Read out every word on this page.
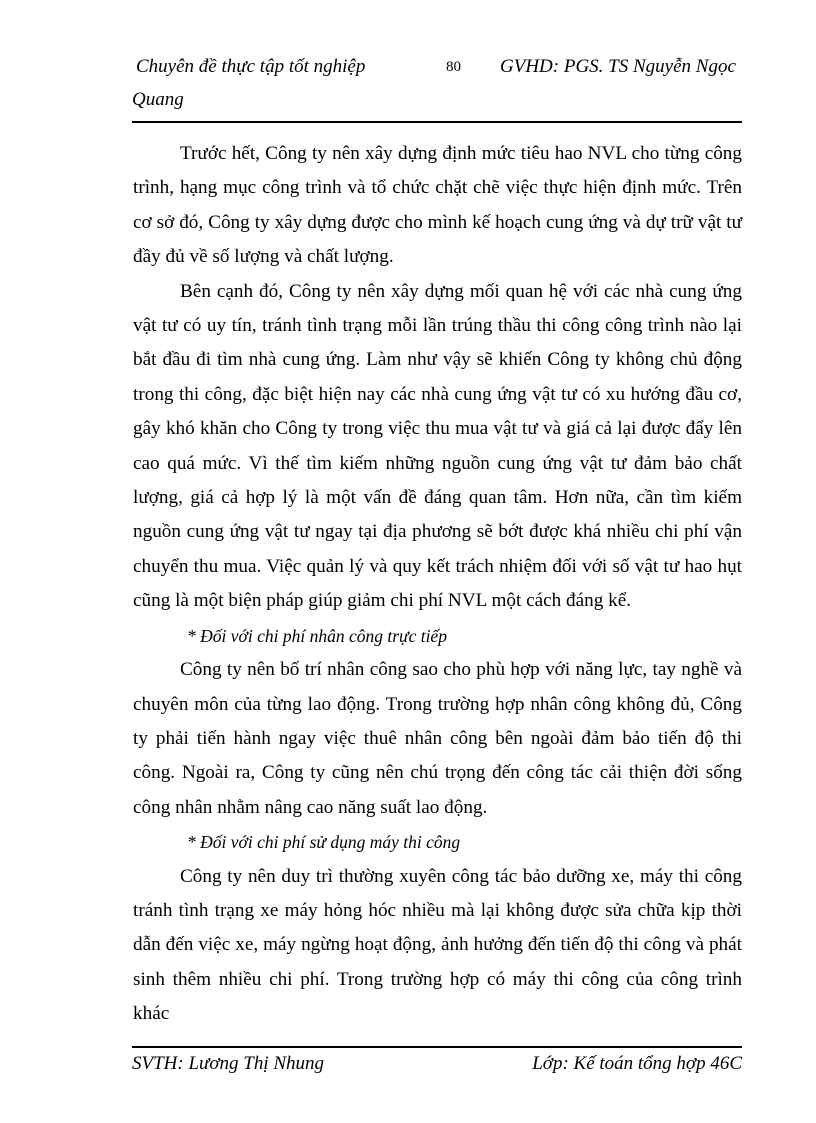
Chuyên đề thực tập tốt nghiệp	80 GVHD: PGS. TS Nguyễn Ngọc
Quang

Trước hết, Công ty nên xây dựng định mức tiêu hao NVL cho từng công trình, hạng mục công trình và tổ chức chặt chẽ việc thực hiện định mức. Trên cơ sở đó, Công ty xây dựng được cho mình kế hoạch cung ứng và dự trữ vật tư đầy đủ về số lượng và chất lượng.

Bên cạnh đó, Công ty nên xây dựng mối quan hệ với các nhà cung ứng vật tư có uy tín, tránh tình trạng mỗi lần trúng thầu thi công công trình nào lại bắt đầu đi tìm nhà cung ứng. Làm như vậy sẽ khiến Công ty không chủ động trong thi công, đặc biệt hiện nay các nhà cung ứng vật tư có xu hướng đầu cơ, gây khó khăn cho Công ty trong việc thu mua vật tư và giá cả lại được đẩy lên cao quá mức. Vì thế tìm kiếm những nguồn cung ứng vật tư đảm bảo chất lượng, giá cả hợp lý là một vấn đề đáng quan tâm. Hơn nữa, cần tìm kiếm nguồn cung ứng vật tư ngay tại địa phương sẽ bớt được khá nhiều chi phí vận chuyển thu mua. Việc quản lý và quy kết trách nhiệm đối với số vật tư hao hụt cũng là một biện pháp giúp giảm chi phí NVL một cách đáng kể.

* Đối với chi phí nhân công trực tiếp

Công ty nên bố trí nhân công sao cho phù hợp với năng lực, tay nghề và chuyên môn của từng lao động. Trong trường hợp nhân công không đủ, Công ty phải tiến hành ngay việc thuê nhân công bên ngoài đảm bảo tiến độ thi công. Ngoài ra, Công ty cũng nên chú trọng đến công tác cải thiện đời sống công nhân nhằm nâng cao năng suất lao động.

* Đối với chi phí sử dụng máy thi công

Công ty nên duy trì thường xuyên công tác bảo dưỡng xe, máy thi công tránh tình trạng xe máy hỏng hóc nhiều mà lại không được sửa chữa kịp thời dẫn đến việc xe, máy ngừng hoạt động, ảnh hưởng đến tiến độ thi công và phát sinh thêm nhiều chi phí. Trong trường hợp có máy thi công của công trình khác

SVTH: Lương Thị Nhung	Lớp: Kế toán tổng hợp 46C
